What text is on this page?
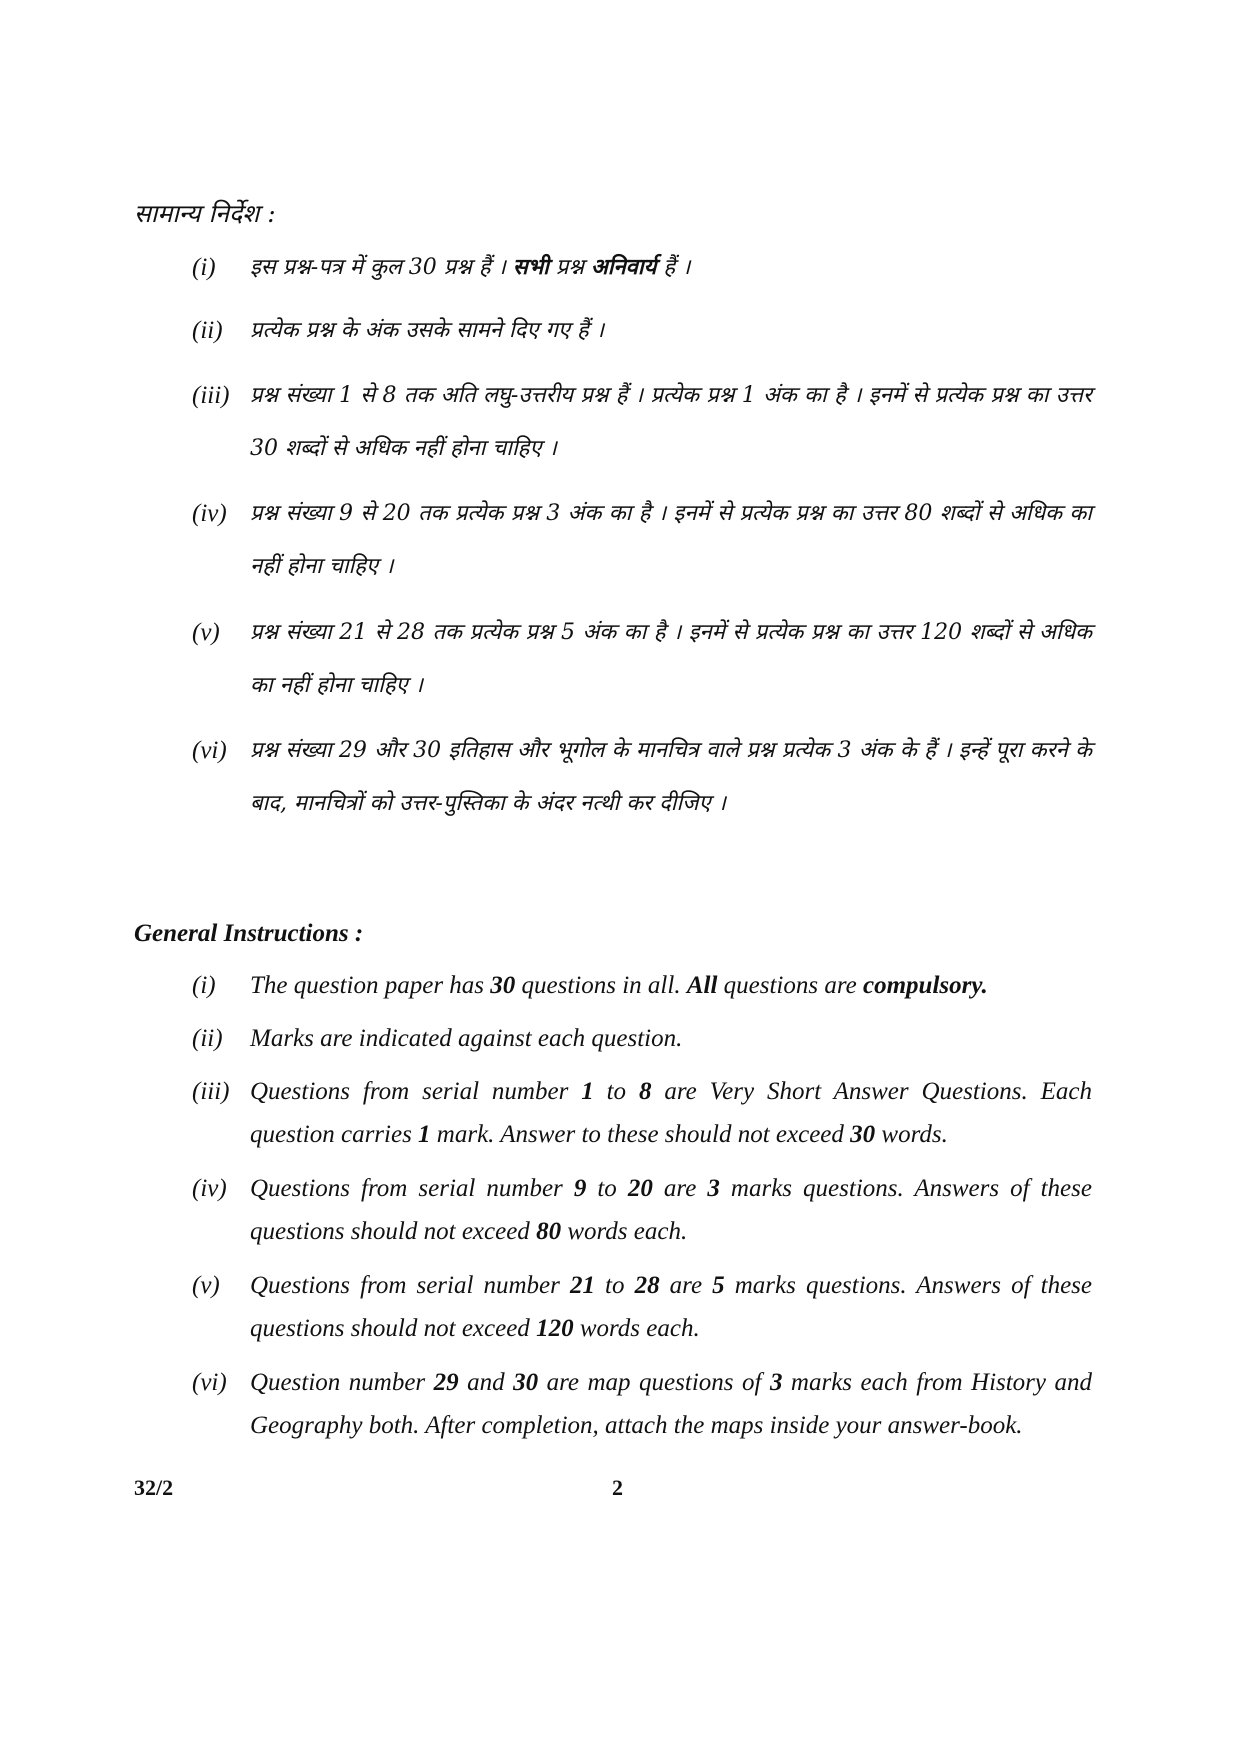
सामान्य निर्देश :
(i) इस प्रश्न-पत्र में कुल 30 प्रश्न हैं । सभी प्रश्न अनिवार्य हैं ।
(ii) प्रत्येक प्रश्न के अंक उसके सामने दिए गए हैं ।
(iii) प्रश्न संख्या 1 से 8 तक अति लघु-उत्तरीय प्रश्न हैं । प्रत्येक प्रश्न 1 अंक का है । इनमें से प्रत्येक प्रश्न का उत्तर 30 शब्दों से अधिक नहीं होना चाहिए ।
(iv) प्रश्न संख्या 9 से 20 तक प्रत्येक प्रश्न 3 अंक का है । इनमें से प्रत्येक प्रश्न का उत्तर 80 शब्दों से अधिक का नहीं होना चाहिए ।
(v) प्रश्न संख्या 21 से 28 तक प्रत्येक प्रश्न 5 अंक का है । इनमें से प्रत्येक प्रश्न का उत्तर 120 शब्दों से अधिक का नहीं होना चाहिए ।
(vi) प्रश्न संख्या 29 और 30 इतिहास और भूगोल के मानचित्र वाले प्रश्न प्रत्येक 3 अंक के हैं । इन्हें पूरा करने के बाद, मानचित्रों को उत्तर-पुस्तिका के अंदर नत्थी कर दीजिए ।
General Instructions :
(i) The question paper has 30 questions in all. All questions are compulsory.
(ii) Marks are indicated against each question.
(iii) Questions from serial number 1 to 8 are Very Short Answer Questions. Each question carries 1 mark. Answer to these should not exceed 30 words.
(iv) Questions from serial number 9 to 20 are 3 marks questions. Answers of these questions should not exceed 80 words each.
(v) Questions from serial number 21 to 28 are 5 marks questions. Answers of these questions should not exceed 120 words each.
(vi) Question number 29 and 30 are map questions of 3 marks each from History and Geography both. After completion, attach the maps inside your answer-book.
32/2	2
